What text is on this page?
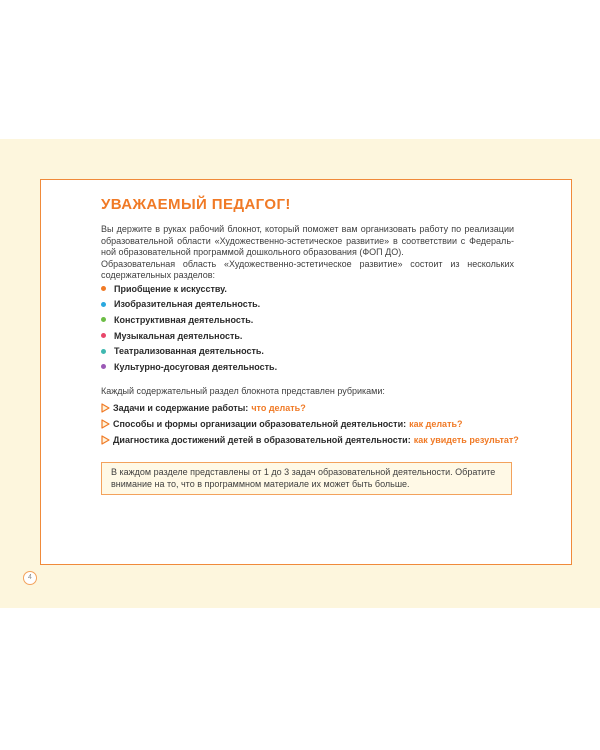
УВАЖАЕМЫЙ ПЕДАГОГ!

Вы держите в руках рабочий блокнот, который поможет вам организовать работу по реализации образовательной области «Художественно-эстетическое развитие» в соответствии с Федераль-ной образовательной программой дошкольного образования (ФОП ДО).

Образовательная область «Художественно-эстетическое развитие» состоит из нескольких содержательных разделов:

Приобщение к искусству.
Изобразительная деятельность.
Конструктивная деятельность.
Музыкальная деятельность.
Театрализованная деятельность.
Культурно-досуговая деятельность.
Каждый содержательный раздел блокнота представлен рубриками:
Задачи и содержание работы: что делать?
Способы и формы организации образовательной деятельности: как делать?
Диагностика достижений детей в образовательной деятельности: как увидеть результат?
В каждом разделе представлены от 1 до 3 задач образовательной деятельности. Обратите внимание на то, что в программном материале их может быть больше.
4
